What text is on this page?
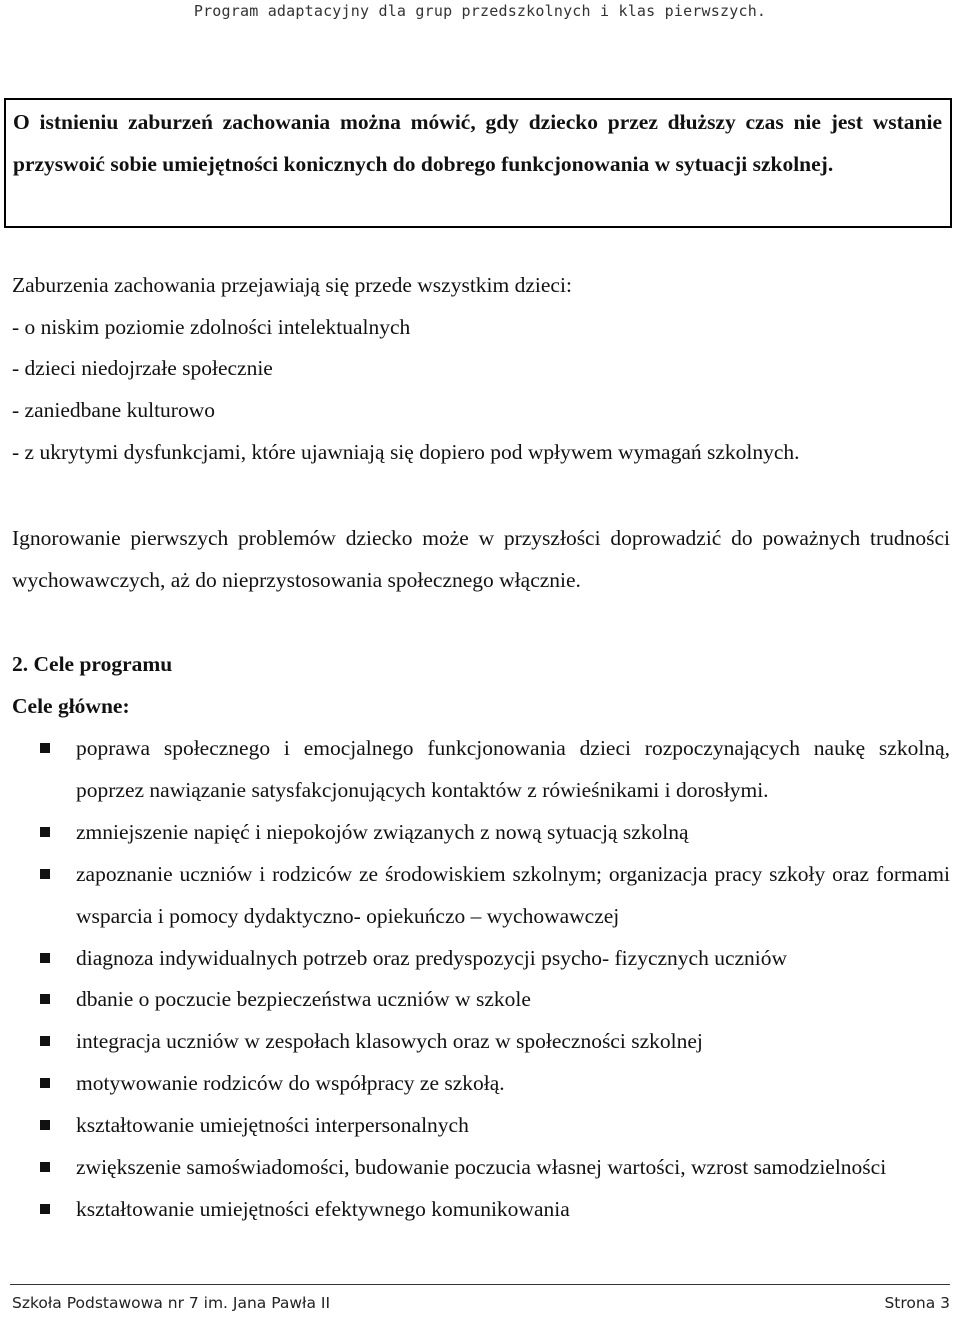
Program adaptacyjny dla grup przedszkolnych i klas pierwszych.
O istnieniu zaburzeń zachowania można mówić, gdy dziecko przez dłuższy czas nie jest wstanie przyswoić sobie umiejętności konicznych do dobrego funkcjonowania w sytuacji szkolnej.
Zaburzenia zachowania przejawiają się przede wszystkim dzieci:
- o niskim poziomie zdolności intelektualnych
- dzieci niedojrzałe społecznie
- zaniedbane kulturowo
- z ukrytymi dysfunkcjami, które ujawniają się dopiero pod wpływem wymagań szkolnych.
Ignorowanie pierwszych problemów dziecko może w przyszłości doprowadzić do poważnych trudności wychowawczych, aż do nieprzystosowania społecznego włącznie.
2. Cele programu
Cele główne:
poprawa społecznego i emocjalnego funkcjonowania dzieci rozpoczynających naukę szkolną, poprzez nawiązanie satysfakcjonujących kontaktów z rówieśnikami i dorosłymi.
zmniejszenie napięć i niepokojów związanych z nową sytuacją szkolną
zapoznanie uczniów i rodziców ze środowiskiem szkolnym; organizacja pracy szkoły oraz formami wsparcia i pomocy dydaktyczno- opiekuńczo – wychowawczej
diagnoza indywidualnych potrzeb oraz predyspozycji psycho- fizycznych uczniów
dbanie o poczucie bezpieczeństwa uczniów w szkole
integracja uczniów w zespołach klasowych oraz w społeczności szkolnej
motywowanie rodziców do współpracy ze szkołą.
kształtowanie umiejętności interpersonalnych
zwiększenie samoświadomości, budowanie poczucia własnej wartości, wzrost samodzielności
kształtowanie umiejętności efektywnego komunikowania
Szkoła Podstawowa nr 7 im. Jana Pawła II	Strona 3
